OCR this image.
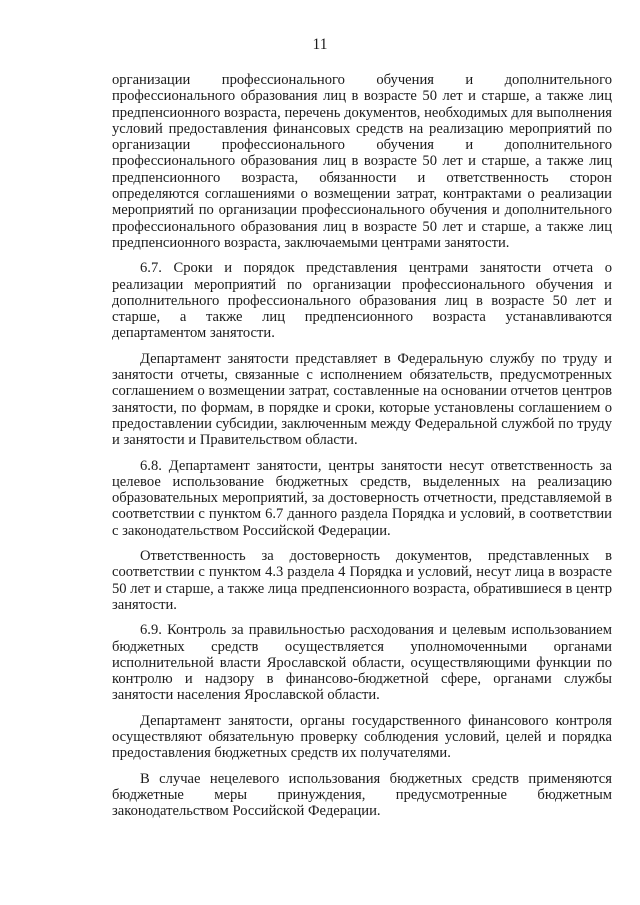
11

организации профессионального обучения и дополнительного профессионального образования лиц в возрасте 50 лет и старше, а также лиц предпенсионного возраста, перечень документов, необходимых для выполнения условий предоставления финансовых средств на реализацию мероприятий по организации профессионального обучения и дополнительного профессионального образования лиц в возрасте 50 лет и старше, а также лиц предпенсионного возраста, обязанности и ответственность сторон определяются соглашениями о возмещении затрат, контрактами о реализации мероприятий по организации профессионального обучения и дополнительного профессионального образования лиц в возрасте 50 лет и старше, а также лиц предпенсионного возраста, заключаемыми центрами занятости.

6.7. Сроки и порядок представления центрами занятости отчета о реализации мероприятий по организации профессионального обучения и дополнительного профессионального образования лиц в возрасте 50 лет и старше, а также лиц предпенсионного возраста устанавливаются департаментом занятости.

Департамент занятости представляет в Федеральную службу по труду и занятости отчеты, связанные с исполнением обязательств, предусмотренных соглашением о возмещении затрат, составленные на основании отчетов центров занятости, по формам, в порядке и сроки, которые установлены соглашением о предоставлении субсидии, заключенным между Федеральной службой по труду и занятости и Правительством области.

6.8. Департамент занятости, центры занятости несут ответственность за целевое использование бюджетных средств, выделенных на реализацию образовательных мероприятий, за достоверность отчетности, представляемой в соответствии с пунктом 6.7 данного раздела Порядка и условий, в соответствии с законодательством Российской Федерации.

Ответственность за достоверность документов, представленных в соответствии с пунктом 4.3 раздела 4 Порядка и условий, несут лица в возрасте 50 лет и старше, а также лица предпенсионного возраста, обратившиеся в центр занятости.

6.9. Контроль за правильностью расходования и целевым использованием бюджетных средств осуществляется уполномоченными органами исполнительной власти Ярославской области, осуществляющими функции по контролю и надзору в финансово-бюджетной сфере, органами службы занятости населения Ярославской области.

Департамент занятости, органы государственного финансового контроля осуществляют обязательную проверку соблюдения условий, целей и порядка предоставления бюджетных средств их получателями.

В случае нецелевого использования бюджетных средств применяются бюджетные меры принуждения, предусмотренные бюджетным законодательством Российской Федерации.
